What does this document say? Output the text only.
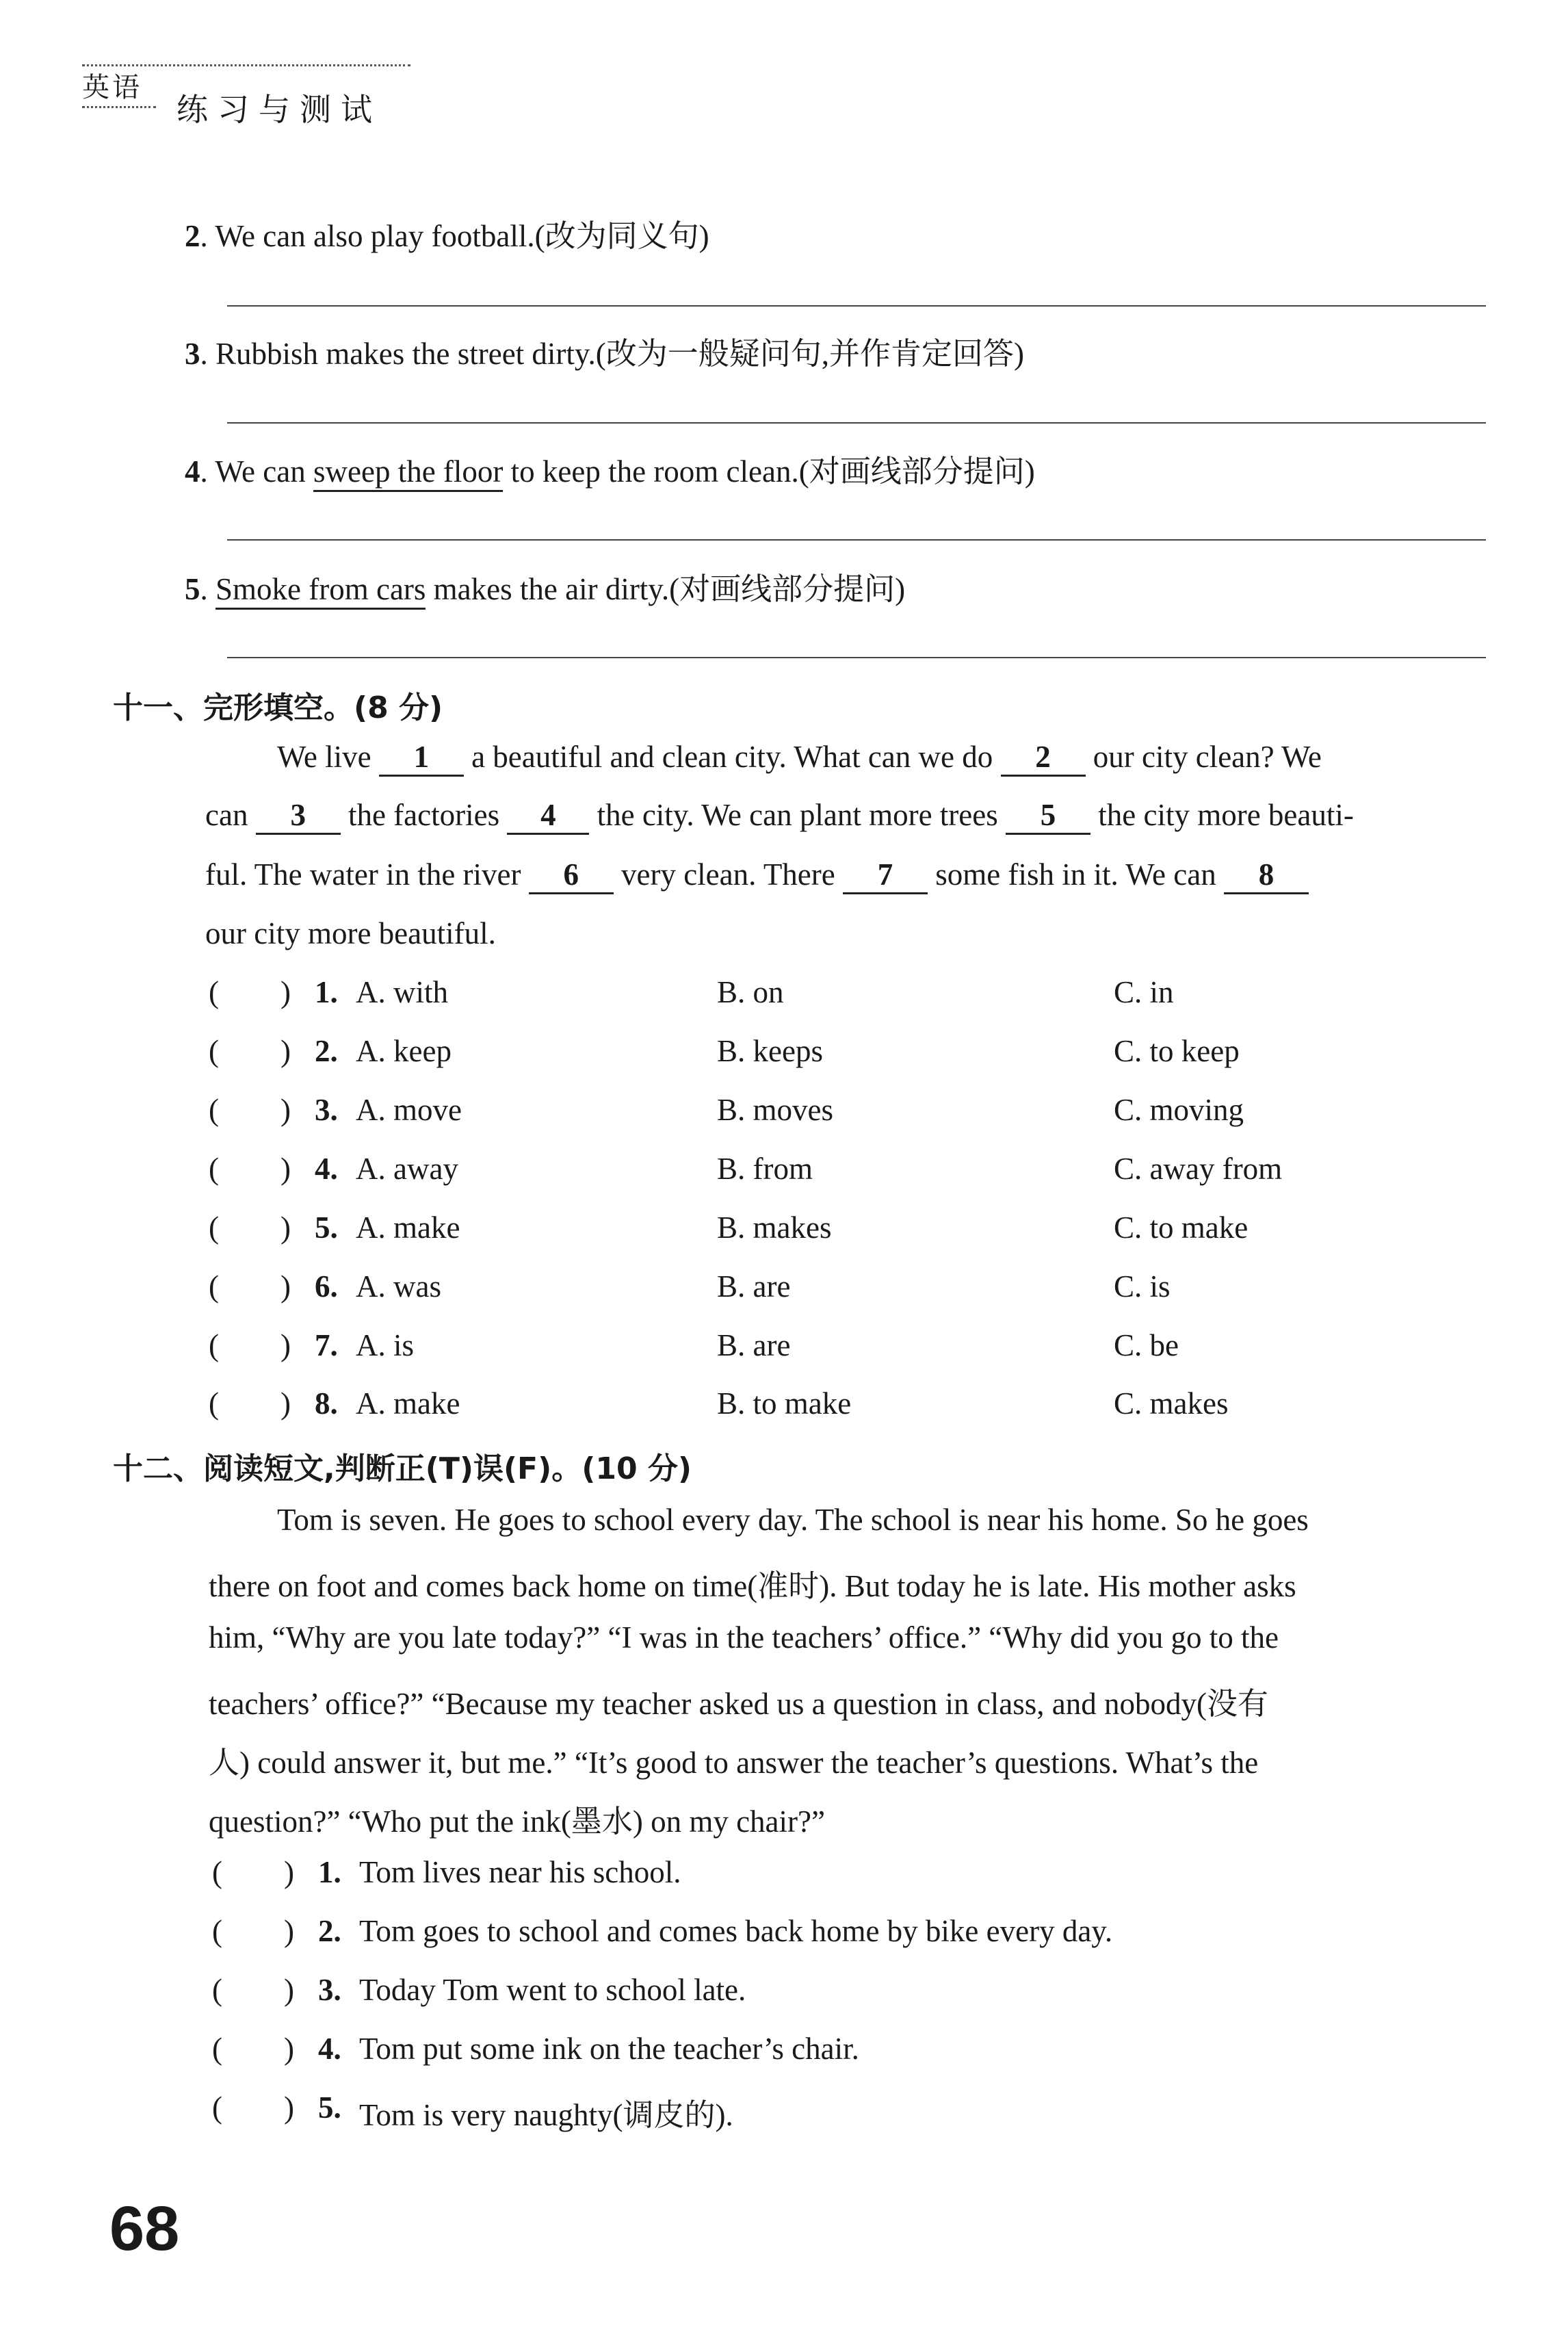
英语
练习与测试
2. We can also play football.(改为同义句)
3. Rubbish makes the street dirty.(改为一般疑问句,并作肯定回答)
4. We can sweep the floor to keep the room clean.(对画线部分提问)
5. Smoke from cars makes the air dirty.(对画线部分提问)
十一、完形填空。(8 分)
We live 1 a beautiful and clean city. What can we do 2 our city clean? We
can 3 the factories 4 the city. We can plant more trees 5 the city more beauti-
ful. The water in the river 6 very clean. There 7 some fish in it. We can 8
our city more beautiful.
( ) 1. A. with	B. on	C. in
( ) 2. A. keep	B. keeps	C. to keep
( ) 3. A. move	B. moves	C. moving
( ) 4. A. away	B. from	C. away from
( ) 5. A. make	B. makes	C. to make
( ) 6. A. was	B. are	C. is
( ) 7. A. is	B. are	C. be
( ) 8. A. make	B. to make	C. makes
十二、阅读短文,判断正(T)误(F)。(10 分)
Tom is seven. He goes to school every day. The school is near his home. So he goes
there on foot and comes back home on time(准时). But today he is late. His mother asks
him, “Why are you late today?” “I was in the teachers’ office.” “Why did you go to the
teachers’ office?” “Because my teacher asked us a question in class, and nobody(没有
人) could answer it, but me.” “It’s good to answer the teacher’s questions. What’s the
question?” “Who put the ink(墨水) on my chair?”
( ) 1. Tom lives near his school.
( ) 2. Tom goes to school and comes back home by bike every day.
( ) 3. Today Tom went to school late.
( ) 4. Tom put some ink on the teacher’s chair.
( ) 5. Tom is very naughty(调皮的).
68
